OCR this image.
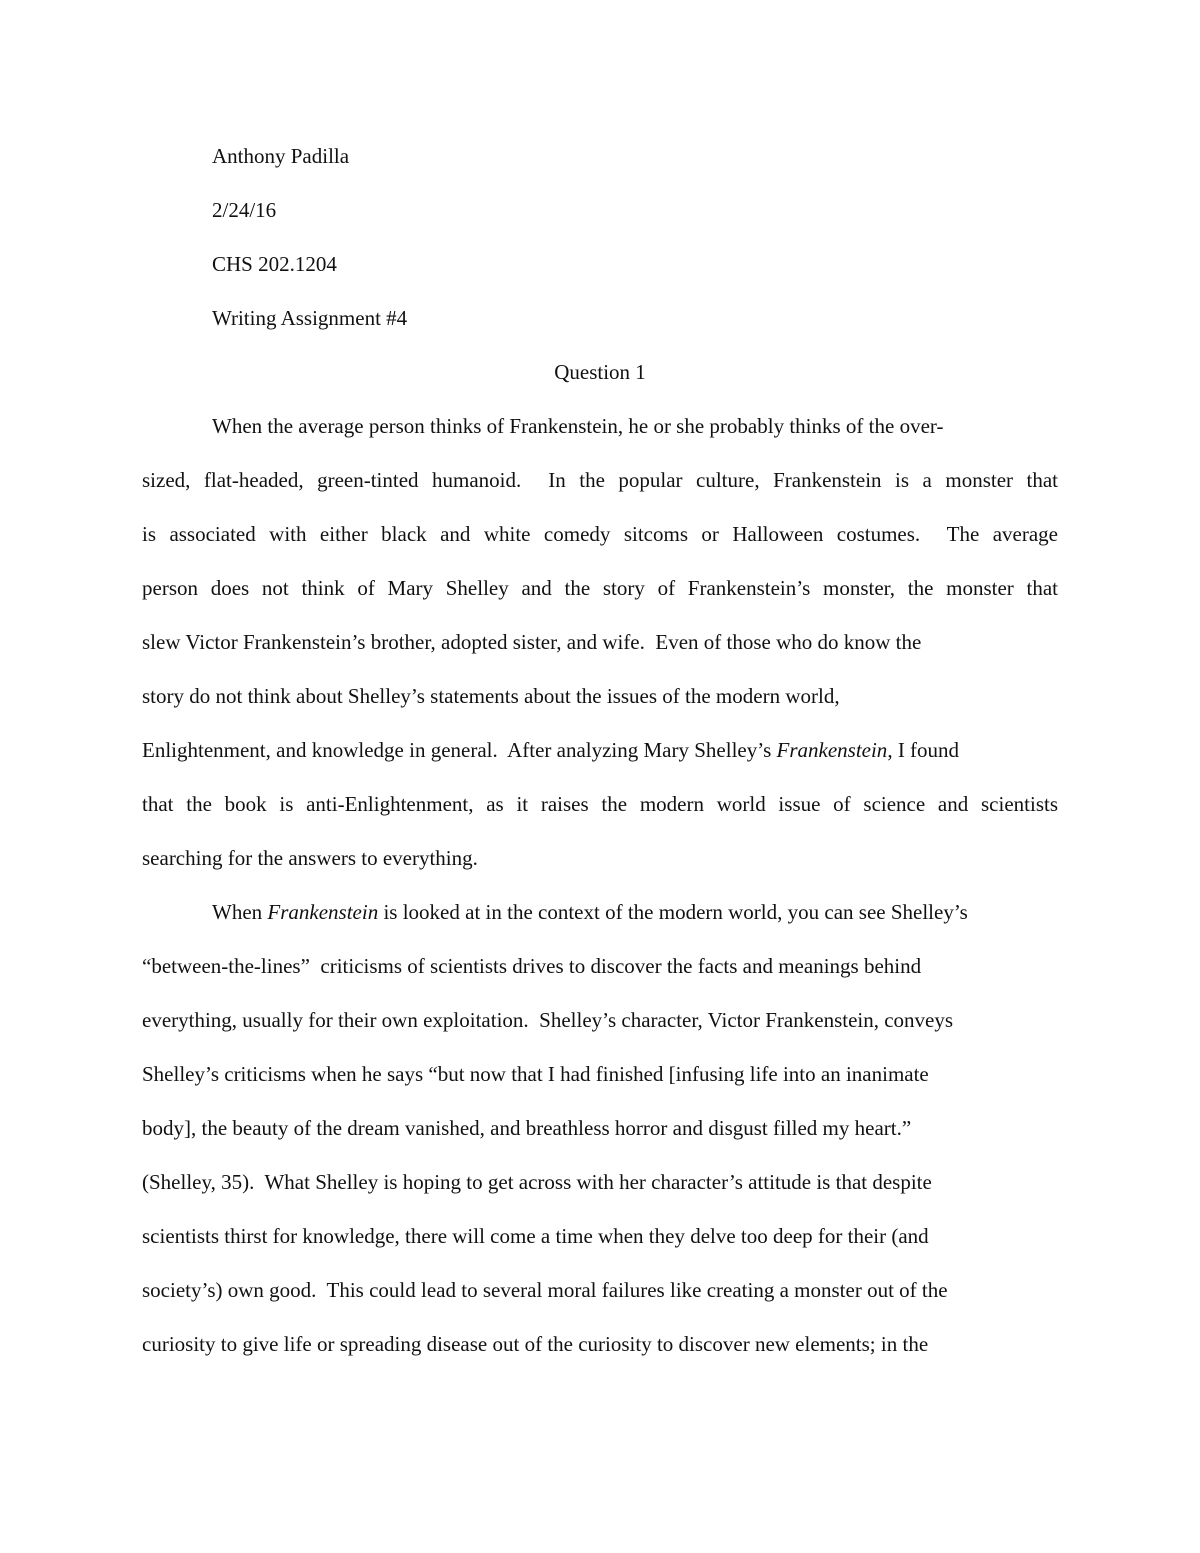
Anthony Padilla
2/24/16
CHS 202.1204
Writing Assignment #4
Question 1
When the average person thinks of Frankenstein, he or she probably thinks of the over-
sized, flat-headed, green-tinted humanoid.  In the popular culture, Frankenstein is a monster that
is associated with either black and white comedy sitcoms or Halloween costumes.  The average
person does not think of Mary Shelley and the story of Frankenstein’s monster, the monster that
slew Victor Frankenstein’s brother, adopted sister, and wife.  Even of those who do know the
story do not think about Shelley’s statements about the issues of the modern world,
Enlightenment, and knowledge in general.  After analyzing Mary Shelley’s Frankenstein, I found
that the book is anti-Enlightenment, as it raises the modern world issue of science and scientists
searching for the answers to everything.
When Frankenstein is looked at in the context of the modern world, you can see Shelley’s
“between-the-lines”  criticisms of scientists drives to discover the facts and meanings behind
everything, usually for their own exploitation.  Shelley’s character, Victor Frankenstein, conveys
Shelley’s criticisms when he says “but now that I had finished [infusing life into an inanimate
body], the beauty of the dream vanished, and breathless horror and disgust filled my heart.”
(Shelley, 35).  What Shelley is hoping to get across with her character’s attitude is that despite
scientists thirst for knowledge, there will come a time when they delve too deep for their (and
society’s) own good.  This could lead to several moral failures like creating a monster out of the
curiosity to give life or spreading disease out of the curiosity to discover new elements; in the
